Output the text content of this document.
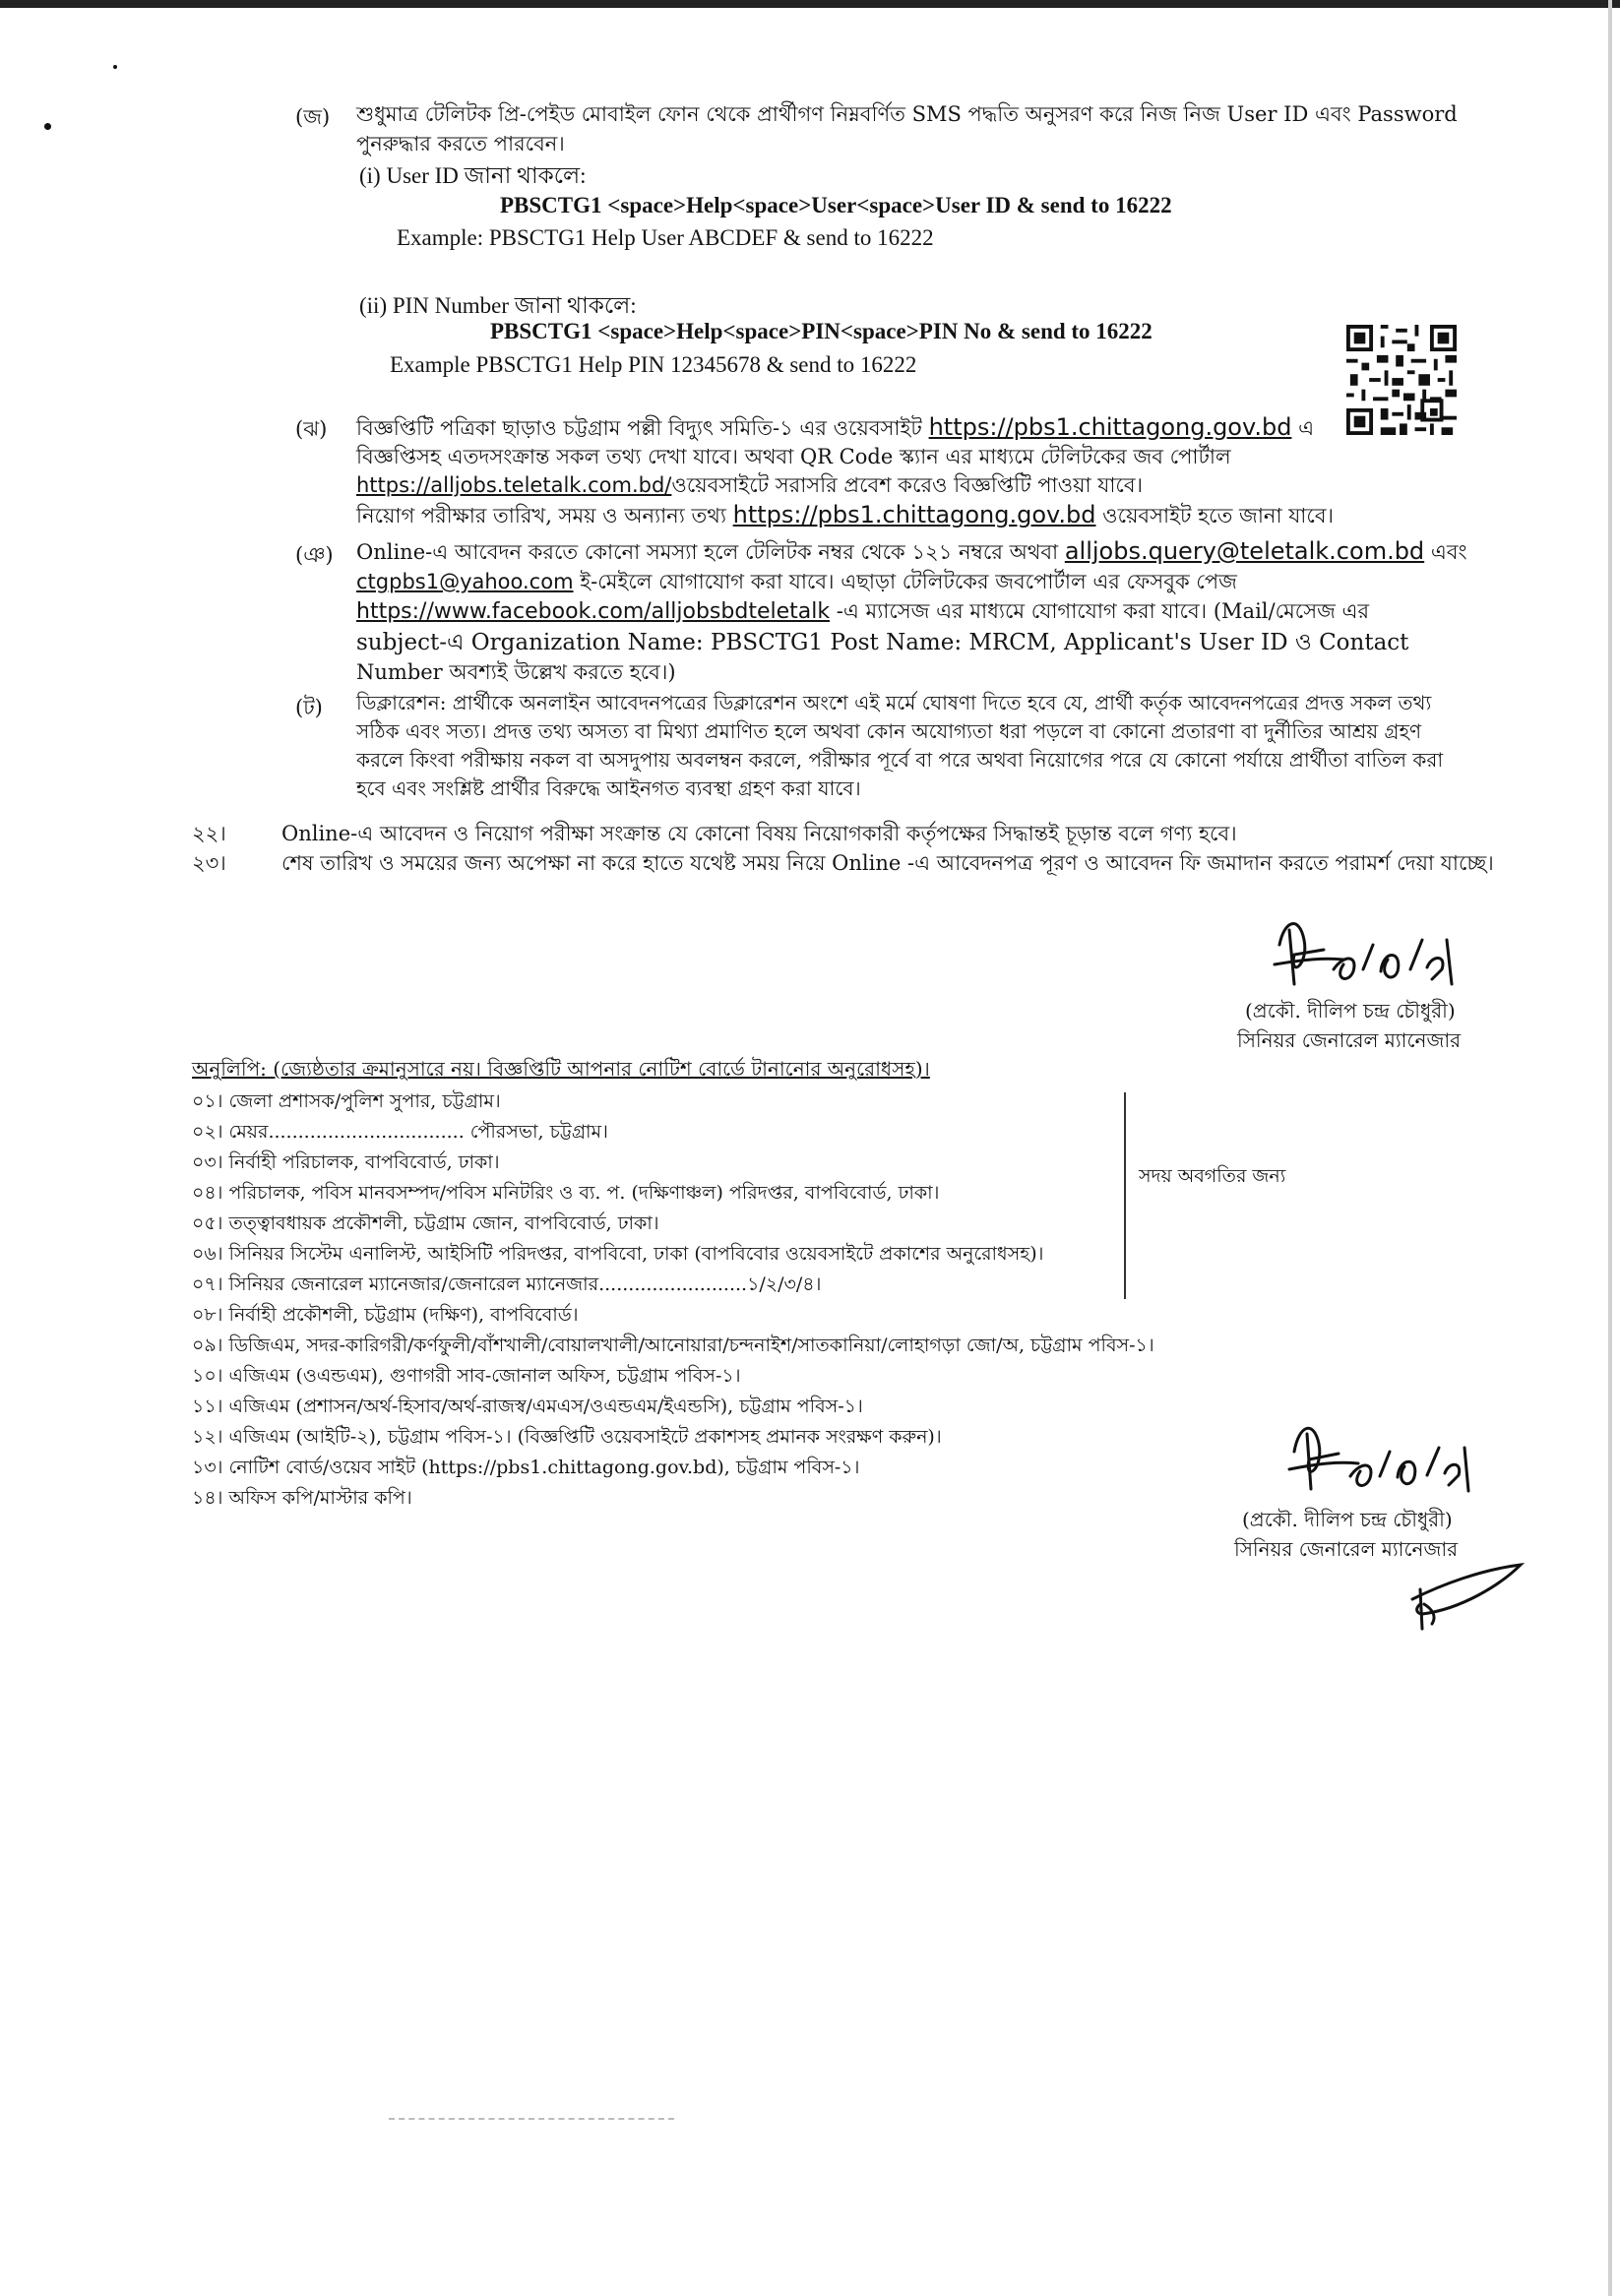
(জ) শুধুমাত্র টেলিটক প্রি-পেইড মোবাইল ফোন থেকে প্রার্থীগণ নিম্নবর্ণিত SMS পদ্ধতি অনুসরণ করে নিজ নিজ User ID এবং Password
পুনরুদ্ধার করতে পারবেন।
(i) User ID জানা থাকলে:
PBSCTG1 <space>Help<space>User<space>User ID & send to 16222
Example: PBSCTG1 Help User ABCDEF & send to 16222
(ii) PIN Number জানা থাকলে:
PBSCTG1 <space>Help<space>PIN<space>PIN No & send to 16222
Example PBSCTG1 Help PIN 12345678 & send to 16222
(ঝ) বিজ্ঞপ্তিটি পত্রিকা ছাড়াও চট্টগ্রাম পল্লী বিদ্যুৎ সমিতি-১ এর ওয়েবসাইট https://pbs1.chittagong.gov.bd এ
বিজ্ঞপ্তিসহ এতদসংক্রান্ত সকল তথ্য দেখা যাবে। অথবা QR Code স্ক্যান এর মাধ্যমে টেলিটকের জব পোর্টাল
https://alljobs.teletalk.com.bd/ওয়েবসাইটে সরাসরি প্রবেশ করেও বিজ্ঞপ্তিটি পাওয়া যাবে।
নিয়োগ পরীক্ষার তারিখ, সময় ও অন্যান্য তথ্য https://pbs1.chittagong.gov.bd ওয়েবসাইট হতে জানা যাবে।
(ঞ) Online-এ আবেদন করতে কোনো সমস্যা হলে টেলিটক নম্বর থেকে ১২১ নম্বরে অথবা alljobs.query@teletalk.com.bd এবং
ctgpbs1@yahoo.com ই-মেইলে যোগাযোগ করা যাবে। এছাড়া টেলিটকের জবপোর্টাল এর ফেসবুক পেজ
https://www.facebook.com/alljobsbdteletalk -এ ম্যাসেজ এর মাধ্যমে যোগাযোগ করা যাবে। (Mail/মেসেজ এর
subject-এ Organization Name: PBSCTG1 Post Name: MRCM, Applicant's User ID ও Contact
Number অবশ্যই উল্লেখ করতে হবে।)
(ট) ডিক্লারেশন: প্রার্থীকে অনলাইন আবেদনপত্রের ডিক্লারেশন অংশে এই মর্মে ঘোষণা দিতে হবে যে, প্রার্থী কর্তৃক আবেদনপত্রের প্রদত্ত সকল তথ্য
সঠিক এবং সত্য। প্রদত্ত তথ্য অসত্য বা মিথ্যা প্রমাণিত হলে অথবা কোন অযোগ্যতা ধরা পড়লে বা কোনো প্রতারণা বা দুর্নীতির আশ্রয় গ্রহণ
করলে কিংবা পরীক্ষায় নকল বা অসদুপায় অবলম্বন করলে, পরীক্ষার পূর্বে বা পরে অথবা নিয়োগের পরে যে কোনো পর্যায়ে প্রার্থীতা বাতিল করা
হবে এবং সংশ্লিষ্ট প্রার্থীর বিরুদ্ধে আইনগত ব্যবস্থা গ্রহণ করা যাবে।
২২।	Online-এ আবেদন ও নিয়োগ পরীক্ষা সংক্রান্ত যে কোনো বিষয় নিয়োগকারী কর্তৃপক্ষের সিদ্ধান্তই চূড়ান্ত বলে গণ্য হবে।
২৩।	শেষ তারিখ ও সময়ের জন্য অপেক্ষা না করে হাতে যথেষ্ট সময় নিয়ে Online -এ আবেদনপত্র পূরণ ও আবেদন ফি জমাদান করতে পরামর্শ দেয়া যাচ্ছে।
(প্রকৌ. দীলিপ চন্দ্র চৌধুরী)
সিনিয়র জেনারেল ম্যানেজার
অনুলিপি: (জ্যেষ্ঠতার ক্রমানুসারে নয়। বিজ্ঞপ্তিটি আপনার নোটিশ বোর্ডে টানানোর অনুরোধসহ)।
সদয় অবগতির জন্য
০১। জেলা প্রশাসক/পুলিশ সুপার, চট্টগ্রাম।
০২। মেয়র................................. পৌরসভা, চট্টগ্রাম।
০৩। নির্বাহী পরিচালক, বাপবিবোর্ড, ঢাকা।
০৪। পরিচালক, পবিস মানবসম্পদ/পবিস মনিটরিং ও ব্য. প. (দক্ষিণাঞ্চল) পরিদপ্তর, বাপবিবোর্ড, ঢাকা।
০৫। তত্ত্বাবধায়ক প্রকৌশলী, চট্টগ্রাম জোন, বাপবিবোর্ড, ঢাকা।
০৬। সিনিয়র সিস্টেম এনালিস্ট, আইসিটি পরিদপ্তর, বাপবিবো, ঢাকা (বাপবিবোর ওয়েবসাইটে প্রকাশের অনুরোধসহ)।
০৭। সিনিয়র জেনারেল ম্যানেজার/জেনারেল ম্যানেজার.........................১/২/৩/৪।
০৮। নির্বাহী প্রকৌশলী, চট্টগ্রাম (দক্ষিণ), বাপবিবোর্ড।
০৯। ডিজিএম, সদর-কারিগরী/কর্ণফুলী/বাঁশখালী/বোয়ালখালী/আনোয়ারা/চন্দনাইশ/সাতকানিয়া/লোহাগড়া জো/অ, চট্টগ্রাম পবিস-১।
১০। এজিএম (ওএন্ডএম), গুণাগরী সাব-জোনাল অফিস, চট্টগ্রাম পবিস-১।
১১। এজিএম (প্রশাসন/অর্থ-হিসাব/অর্থ-রাজস্ব/এমএস/ওএন্ডএম/ইএন্ডসি), চট্টগ্রাম পবিস-১।
১২। এজিএম (আইটি-২), চট্টগ্রাম পবিস-১। (বিজ্ঞপ্তিটি ওয়েবসাইটে প্রকাশসহ প্রমানক সংরক্ষণ করুন)।
১৩। নোটিশ বোর্ড/ওয়েব সাইট (https://pbs1.chittagong.gov.bd), চট্টগ্রাম পবিস-১।
১৪। অফিস কপি/মাস্টার কপি।
(প্রকৌ. দীলিপ চন্দ্র চৌধুরী)
সিনিয়র জেনারেল ম্যানেজার
